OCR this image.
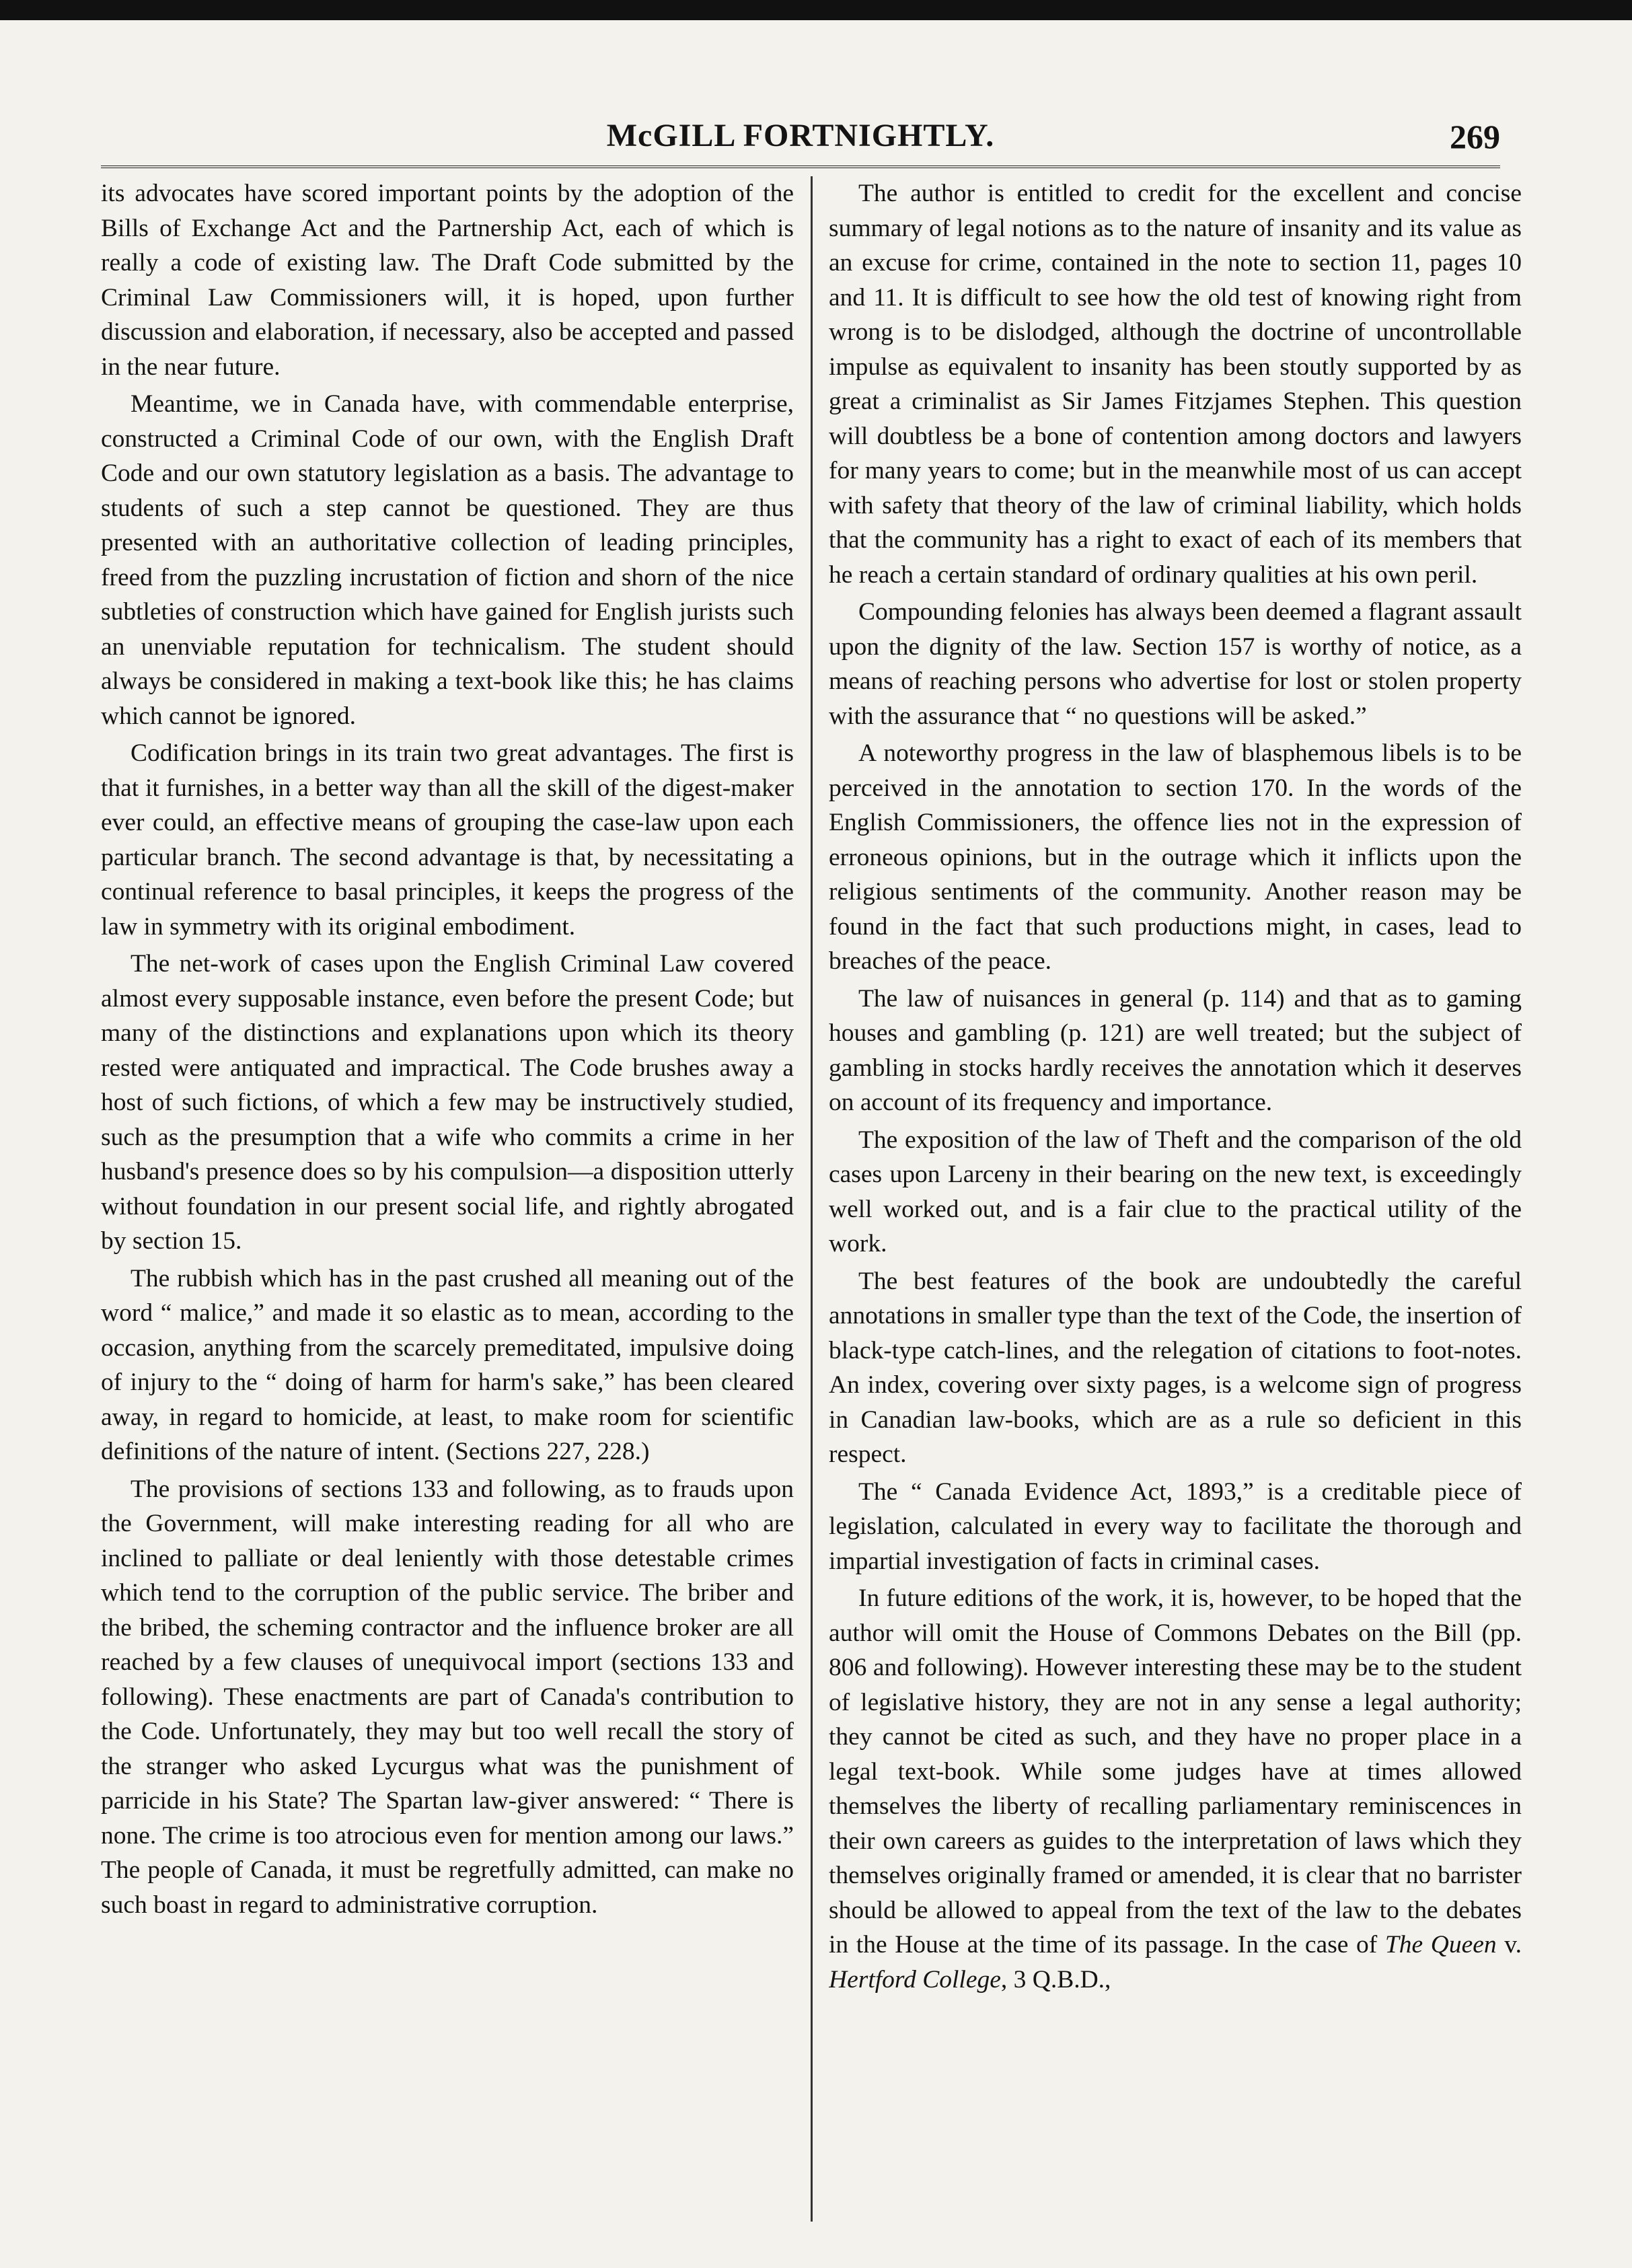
McGILL FORTNIGHTLY.	269

its advocates have scored important points by the adoption of the Bills of Exchange Act and the Partnership Act, each of which is really a code of existing law. The Draft Code submitted by the Criminal Law Commissioners will, it is hoped, upon further discussion and elaboration, if necessary, also be accepted and passed in the near future.

Meantime, we in Canada have, with commendable enterprise, constructed a Criminal Code of our own, with the English Draft Code and our own statutory legislation as a basis. The advantage to students of such a step cannot be questioned. They are thus presented with an authoritative collection of leading principles, freed from the puzzling incrustation of fiction and shorn of the nice subtleties of construction which have gained for English jurists such an unenviable reputation for technicalism. The student should always be considered in making a text-book like this; he has claims which cannot be ignored.

Codification brings in its train two great advantages. The first is that it furnishes, in a better way than all the skill of the digest-maker ever could, an effective means of grouping the case-law upon each particular branch. The second advantage is that, by necessitating a continual reference to basal principles, it keeps the progress of the law in symmetry with its original embodiment.

The net-work of cases upon the English Criminal Law covered almost every supposable instance, even before the present Code; but many of the distinctions and explanations upon which its theory rested were antiquated and impractical. The Code brushes away a host of such fictions, of which a few may be instructively studied, such as the presumption that a wife who commits a crime in her husband's presence does so by his compulsion—a disposition utterly without foundation in our present social life, and rightly abrogated by section 15.

The rubbish which has in the past crushed all meaning out of the word “ malice,” and made it so elastic as to mean, according to the occasion, anything from the scarcely premeditated, impulsive doing of injury to the “ doing of harm for harm's sake,” has been cleared away, in regard to homicide, at least, to make room for scientific definitions of the nature of intent. (Sections 227, 228.)

The provisions of sections 133 and following, as to frauds upon the Government, will make interesting reading for all who are inclined to palliate or deal leniently with those detestable crimes which tend to the corruption of the public service. The briber and the bribed, the scheming contractor and the influence broker are all reached by a few clauses of unequivocal import (sections 133 and following). These enactments are part of Canada's contribution to the Code. Unfortunately, they may but too well recall the story of the stranger who asked Lycurgus what was the punishment of parricide in his State? The Spartan law-giver answered: “ There is none. The crime is too atrocious even for mention among our laws.” The people of Canada, it must be regretfully admitted, can make no such boast in regard to administrative corruption.

The author is entitled to credit for the excellent and concise summary of legal notions as to the nature of insanity and its value as an excuse for crime, contained in the note to section 11, pages 10 and 11. It is difficult to see how the old test of knowing right from wrong is to be dislodged, although the doctrine of uncontrollable impulse as equivalent to insanity has been stoutly supported by as great a criminalist as Sir James Fitzjames Stephen. This question will doubtless be a bone of contention among doctors and lawyers for many years to come; but in the meanwhile most of us can accept with safety that theory of the law of criminal liability, which holds that the community has a right to exact of each of its members that he reach a certain standard of ordinary qualities at his own peril.

Compounding felonies has always been deemed a flagrant assault upon the dignity of the law. Section 157 is worthy of notice, as a means of reaching persons who advertise for lost or stolen property with the assurance that “ no questions will be asked.”

A noteworthy progress in the law of blasphemous libels is to be perceived in the annotation to section 170. In the words of the English Commissioners, the offence lies not in the expression of erroneous opinions, but in the outrage which it inflicts upon the religious sentiments of the community. Another reason may be found in the fact that such productions might, in cases, lead to breaches of the peace.

The law of nuisances in general (p. 114) and that as to gaming houses and gambling (p. 121) are well treated; but the subject of gambling in stocks hardly receives the annotation which it deserves on account of its frequency and importance.

The exposition of the law of Theft and the comparison of the old cases upon Larceny in their bearing on the new text, is exceedingly well worked out, and is a fair clue to the practical utility of the work.

The best features of the book are undoubtedly the careful annotations in smaller type than the text of the Code, the insertion of black-type catch-lines, and the relegation of citations to foot-notes. An index, covering over sixty pages, is a welcome sign of progress in Canadian law-books, which are as a rule so deficient in this respect.

The “ Canada Evidence Act, 1893,” is a creditable piece of legislation, calculated in every way to facilitate the thorough and impartial investigation of facts in criminal cases.

In future editions of the work, it is, however, to be hoped that the author will omit the House of Commons Debates on the Bill (pp. 806 and following). However interesting these may be to the student of legislative history, they are not in any sense a legal authority; they cannot be cited as such, and they have no proper place in a legal text-book. While some judges have at times allowed themselves the liberty of recalling parliamentary reminiscences in their own careers as guides to the interpretation of laws which they themselves originally framed or amended, it is clear that no barrister should be allowed to appeal from the text of the law to the debates in the House at the time of its passage. In the case of The Queen v. Hertford College, 3 Q.B.D.,
